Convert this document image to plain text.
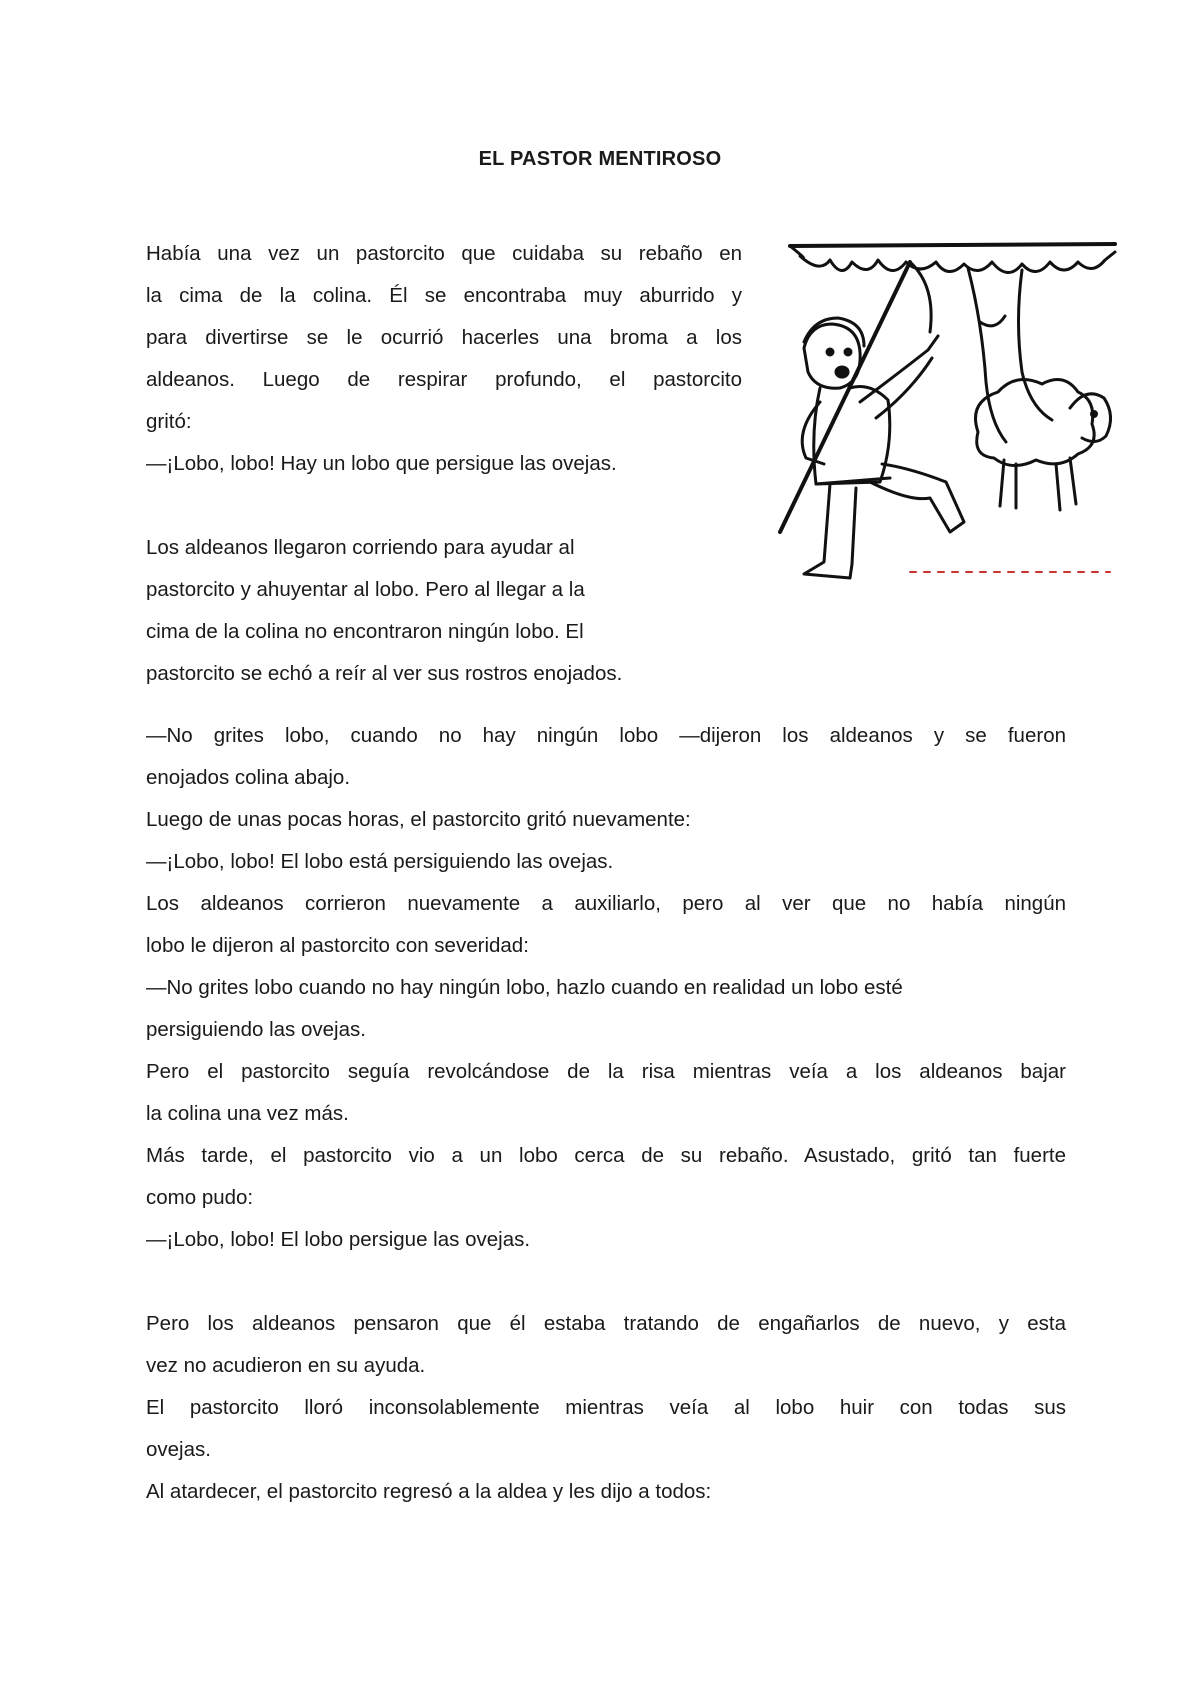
EL PASTOR MENTIROSO
Había una vez un pastorcito que cuidaba su rebaño en
la cima de la colina. Él se encontraba muy aburrido y
para divertirse se le ocurrió hacerles una broma a los
aldeanos. Luego de respirar profundo, el pastorcito
gritó:
—¡Lobo, lobo! Hay un lobo que persigue las ovejas.
Los aldeanos llegaron corriendo para ayudar al
pastorcito y ahuyentar al lobo. Pero al llegar a la
cima de la colina no encontraron ningún lobo. El
pastorcito se echó a reír al ver sus rostros enojados.
—No grites lobo, cuando no hay ningún lobo —dijeron los aldeanos y se fueron
enojados colina abajo.
Luego de unas pocas horas, el pastorcito gritó nuevamente:
—¡Lobo, lobo! El lobo está persiguiendo las ovejas.
Los aldeanos corrieron nuevamente a auxiliarlo, pero al ver que no había ningún
lobo le dijeron al pastorcito con severidad:
—No grites lobo cuando no hay ningún lobo, hazlo cuando en realidad un lobo esté
persiguiendo las ovejas.
Pero el pastorcito seguía revolcándose de la risa mientras veía a los aldeanos bajar
la colina una vez más.
Más tarde, el pastorcito vio a un lobo cerca de su rebaño. Asustado, gritó tan fuerte
como pudo:
—¡Lobo, lobo! El lobo persigue las ovejas.
Pero los aldeanos pensaron que él estaba tratando de engañarlos de nuevo, y esta
vez no acudieron en su ayuda.
El pastorcito lloró inconsolablemente mientras veía al lobo huir con todas sus
ovejas.
Al atardecer, el pastorcito regresó a la aldea y les dijo a todos:
